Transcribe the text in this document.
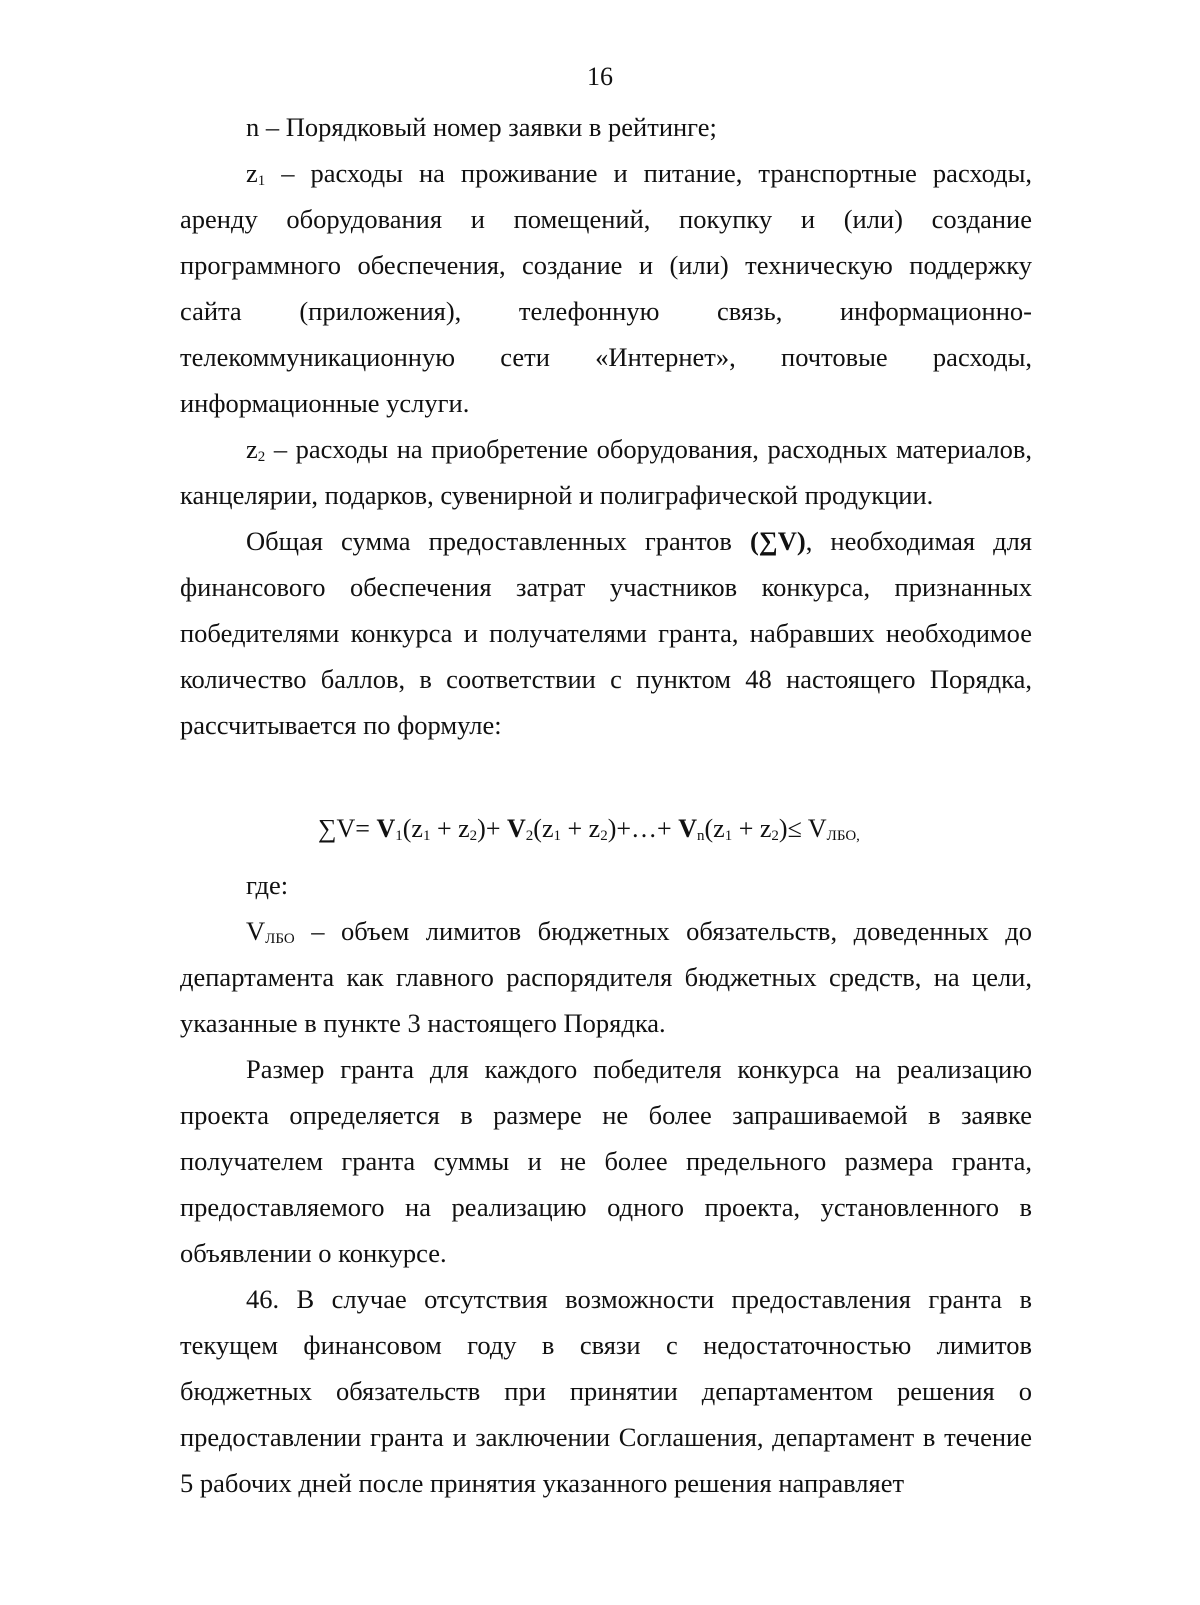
16

n – Порядковый номер заявки в рейтинге;

$z_1$ – расходы на проживание и питание, транспортные расходы, аренду оборудования и помещений, покупку и (или) создание программного обеспечения, создание и (или) техническую поддержку сайта (приложения), телефонную связь, информационно-телекоммуникационную сети «Интернет», почтовые расходы, информационные услуги.

$z_2$ – расходы на приобретение оборудования, расходных материалов, канцелярии, подарков, сувенирной и полиграфической продукции.

Общая сумма предоставленных грантов (∑V), необходимая для финансового обеспечения затрат участников конкурса, признанных победителями конкурса и получателями гранта, набравших необходимое количество баллов, в соответствии с пунктом 48 настоящего Порядка, рассчитывается по формуле:

$\sum V= V_1(z_1 + z_2)+ V_2(z_1$ + $z_2)+\dots+ V_n(z_1 + z_2)\le V_{ЛБО,}$

где:

$V_{ЛБО}$ – объем лимитов бюджетных обязательств, доведенных до департамента как главного распорядителя бюджетных средств, на цели, указанные в пункте 3 настоящего Порядка.

Размер гранта для каждого победителя конкурса на реализацию проекта определяется в размере не более запрашиваемой в заявке получателем гранта суммы и не более предельного размера гранта, предоставляемого на реализацию одного проекта, установленного в объявлении о конкурсе.

46. В случае отсутствия возможности предоставления гранта в текущем финансовом году в связи с недостаточностью лимитов бюджетных обязательств при принятии департаментом решения о предоставлении гранта и заключении Соглашения, департамент в течение 5 рабочих дней после принятия указанного решения направляет
